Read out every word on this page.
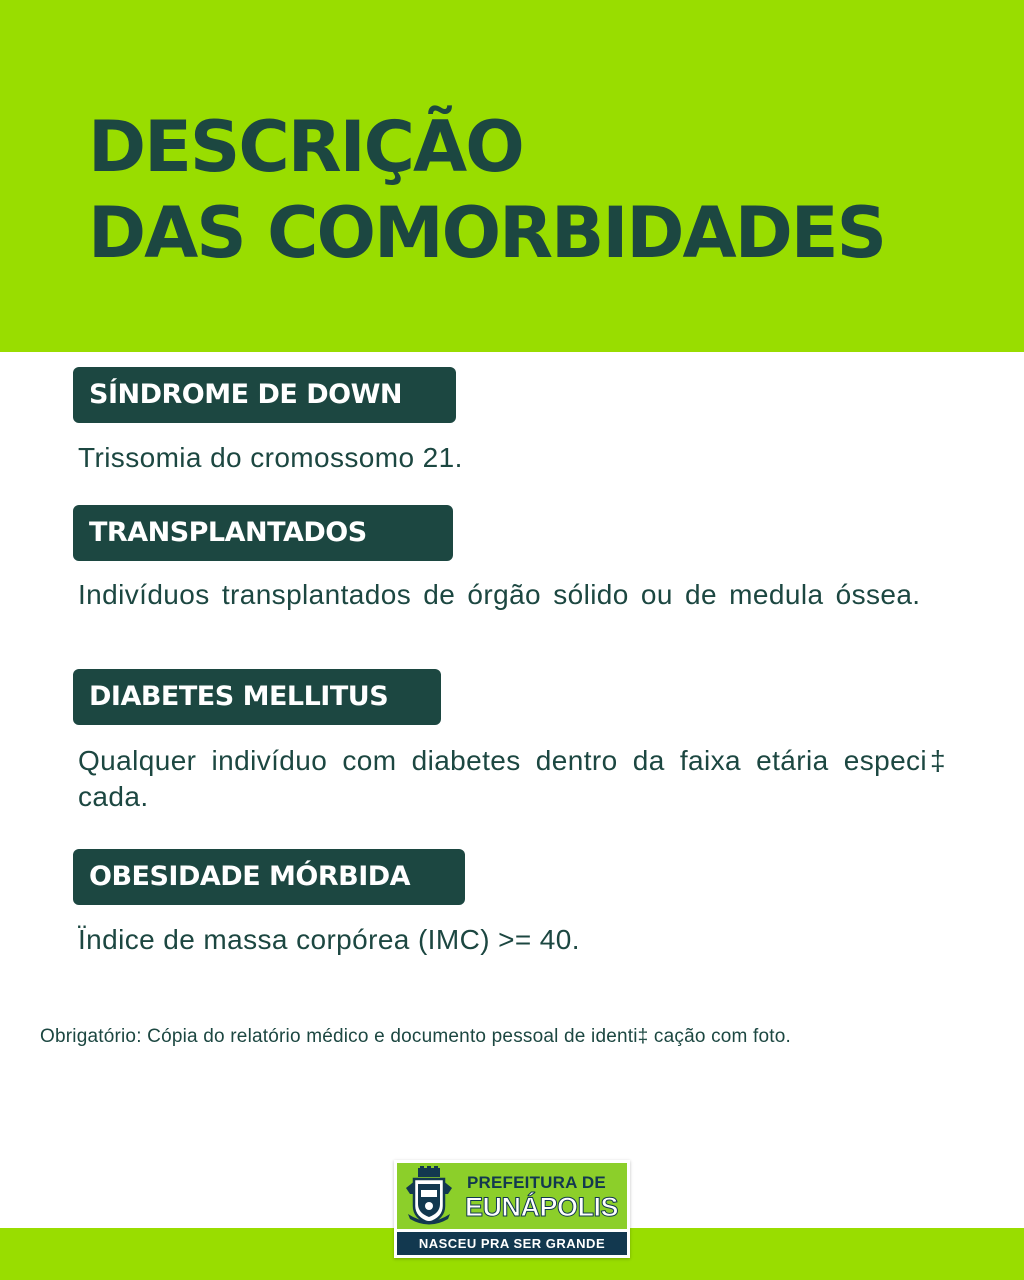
DESCRIÇÃO
DAS COMORBIDADES
SÍNDROME DE DOWN
Trissomia do cromossomo 21.
TRANSPLANTADOS
Indivíduos transplantados de órgão sólido ou de medula óssea.
DIABETES MELLITUS
Qualquer indivíduo com diabetes dentro da faixa etária especi‡ cada.
OBESIDADE MÓRBIDA
Ïndice de massa corpórea (IMC) >= 40.
Obrigatório: Cópia do relatório médico e documento pessoal de identi‡ cação com foto.
PREFEITURA DE
EUNÁPOLIS
NASCEU PRA SER GRANDE
